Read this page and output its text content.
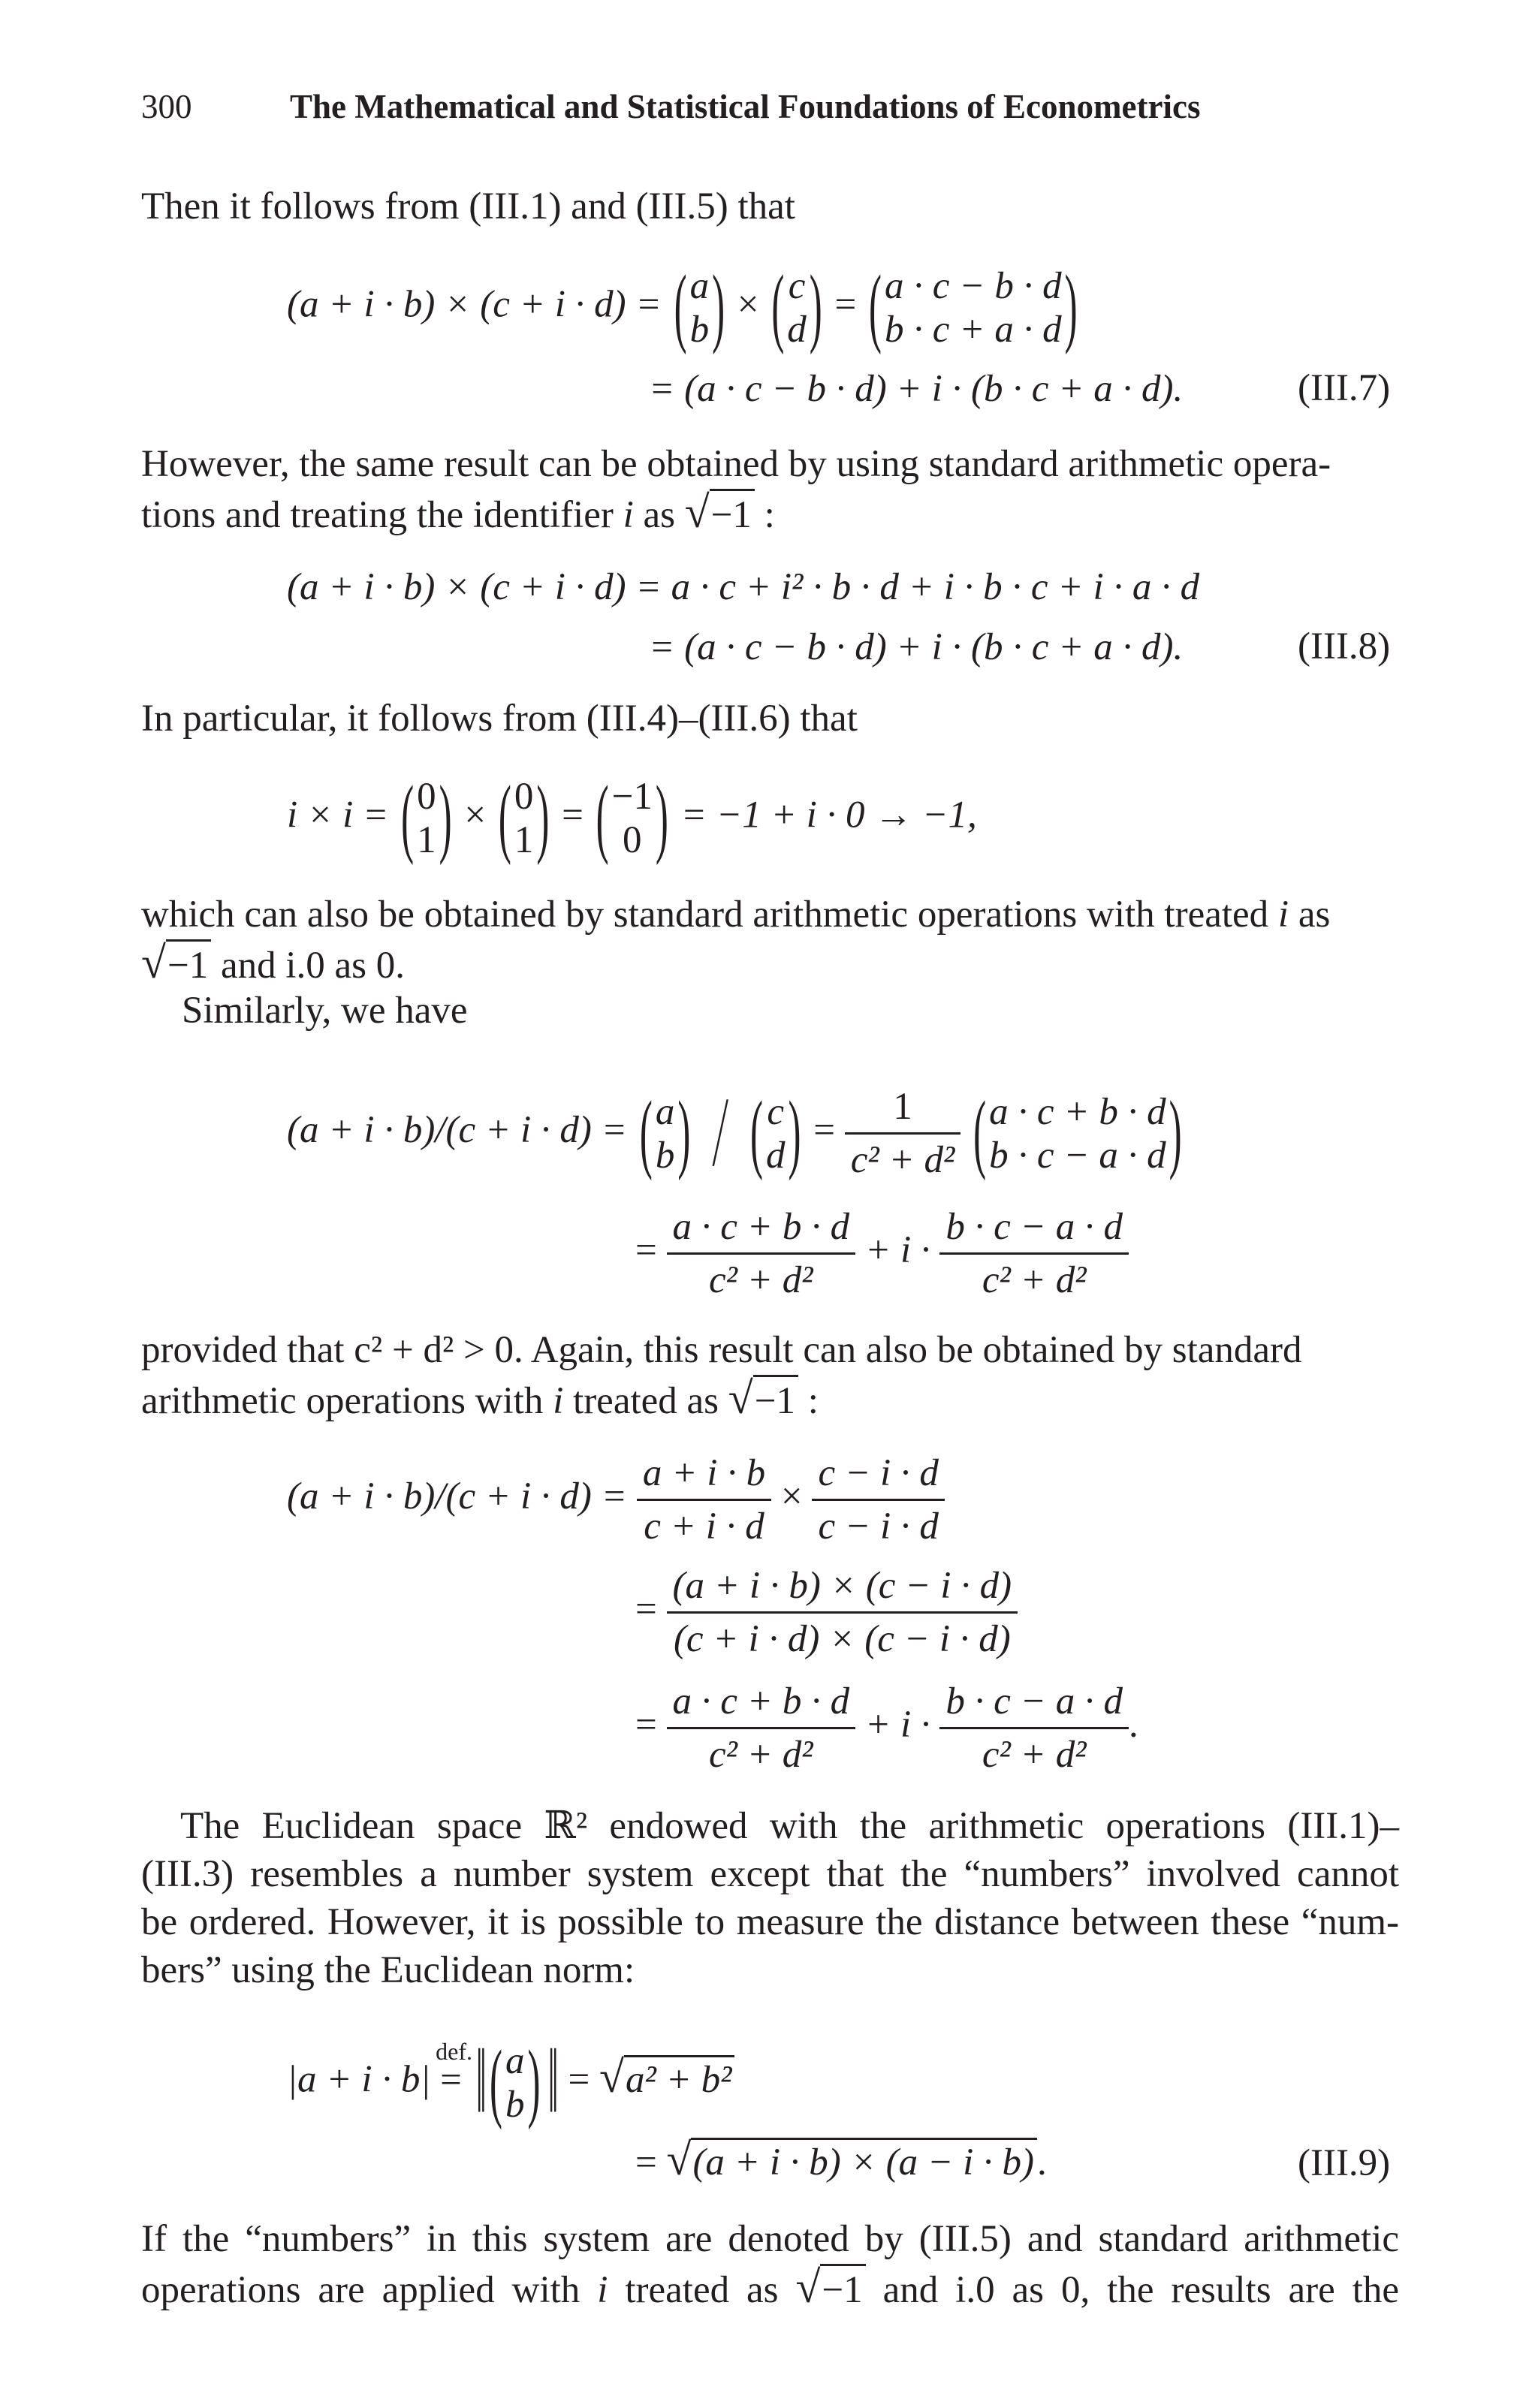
300	The Mathematical and Statistical Foundations of Econometrics
Then it follows from (III.1) and (III.5) that
(a + i · b) × (c + i · d) = ( a
b ) × ( c
d ) = ( a · c − b · d
b · c + a · d )
= (a · c − b · d) + i · (b · c + a · d).	(III.7)
However, the same result can be obtained by using standard arithmetic opera-
tions and treating the identifier i as √−1 :
(a + i · b) × (c + i · d) = a · c + i² · b · d + i · b · c + i · a · d
= (a · c − b · d) + i · (b · c + a · d).	(III.8)
In particular, it follows from (III.4)–(III.6) that
i × i = ( 0
1 ) × ( 0
1 ) = ( −1
0 ) = −1 + i · 0 → −1,
which can also be obtained by standard arithmetic operations with treated i as
√−1 and i.0 as 0.
Similarly, we have
(a + i · b)/(c + i · d) = ( a
b ) / ( c
d ) = $\frac{1}{\text{c² + d²}}$ ( a · c + b · d
b · c − a · d )
= $\frac{a \cdot c + b \cdot d}{\text{c² + d²}} + i \cdot \frac{b \cdot c - a \cdot d}{\text{c² + d²}}$
provided that c² + d² > 0. Again, this result can also be obtained by standard
arithmetic operations with i treated as √−1 :
$(a + i \cdot b)/(c + i \cdot d) = \frac{a + i \cdot b}{c + i \cdot d} \times \frac{c - i \cdot d}{c - i \cdot d}$
= $\frac{(a + i \cdot b) \times (c - i \cdot d)}{(c + i \cdot d) \times (c - i \cdot d)}$
= $\frac{a \cdot c + b \cdot d}{\text{c² + d²}} + i \cdot \frac{b \cdot c - a \cdot d}{\text{c² + d²}}$ .
The Euclidean space ℝ² endowed with the arithmetic operations (III.1)–
(III.3) resembles a number system except that the “numbers” involved cannot
be ordered. However, it is possible to measure the distance between these “num-
bers” using the Euclidean norm:
|a + i · b|
def.
= ‖ ( a
b ) ‖ = √a² + b²
= √(a + i · b) × (a − i · b).	(III.9)
If the “numbers” in this system are denoted by (III.5) and standard arithmetic
operations are applied with i treated as √−1 and i.0 as 0, the results are the
